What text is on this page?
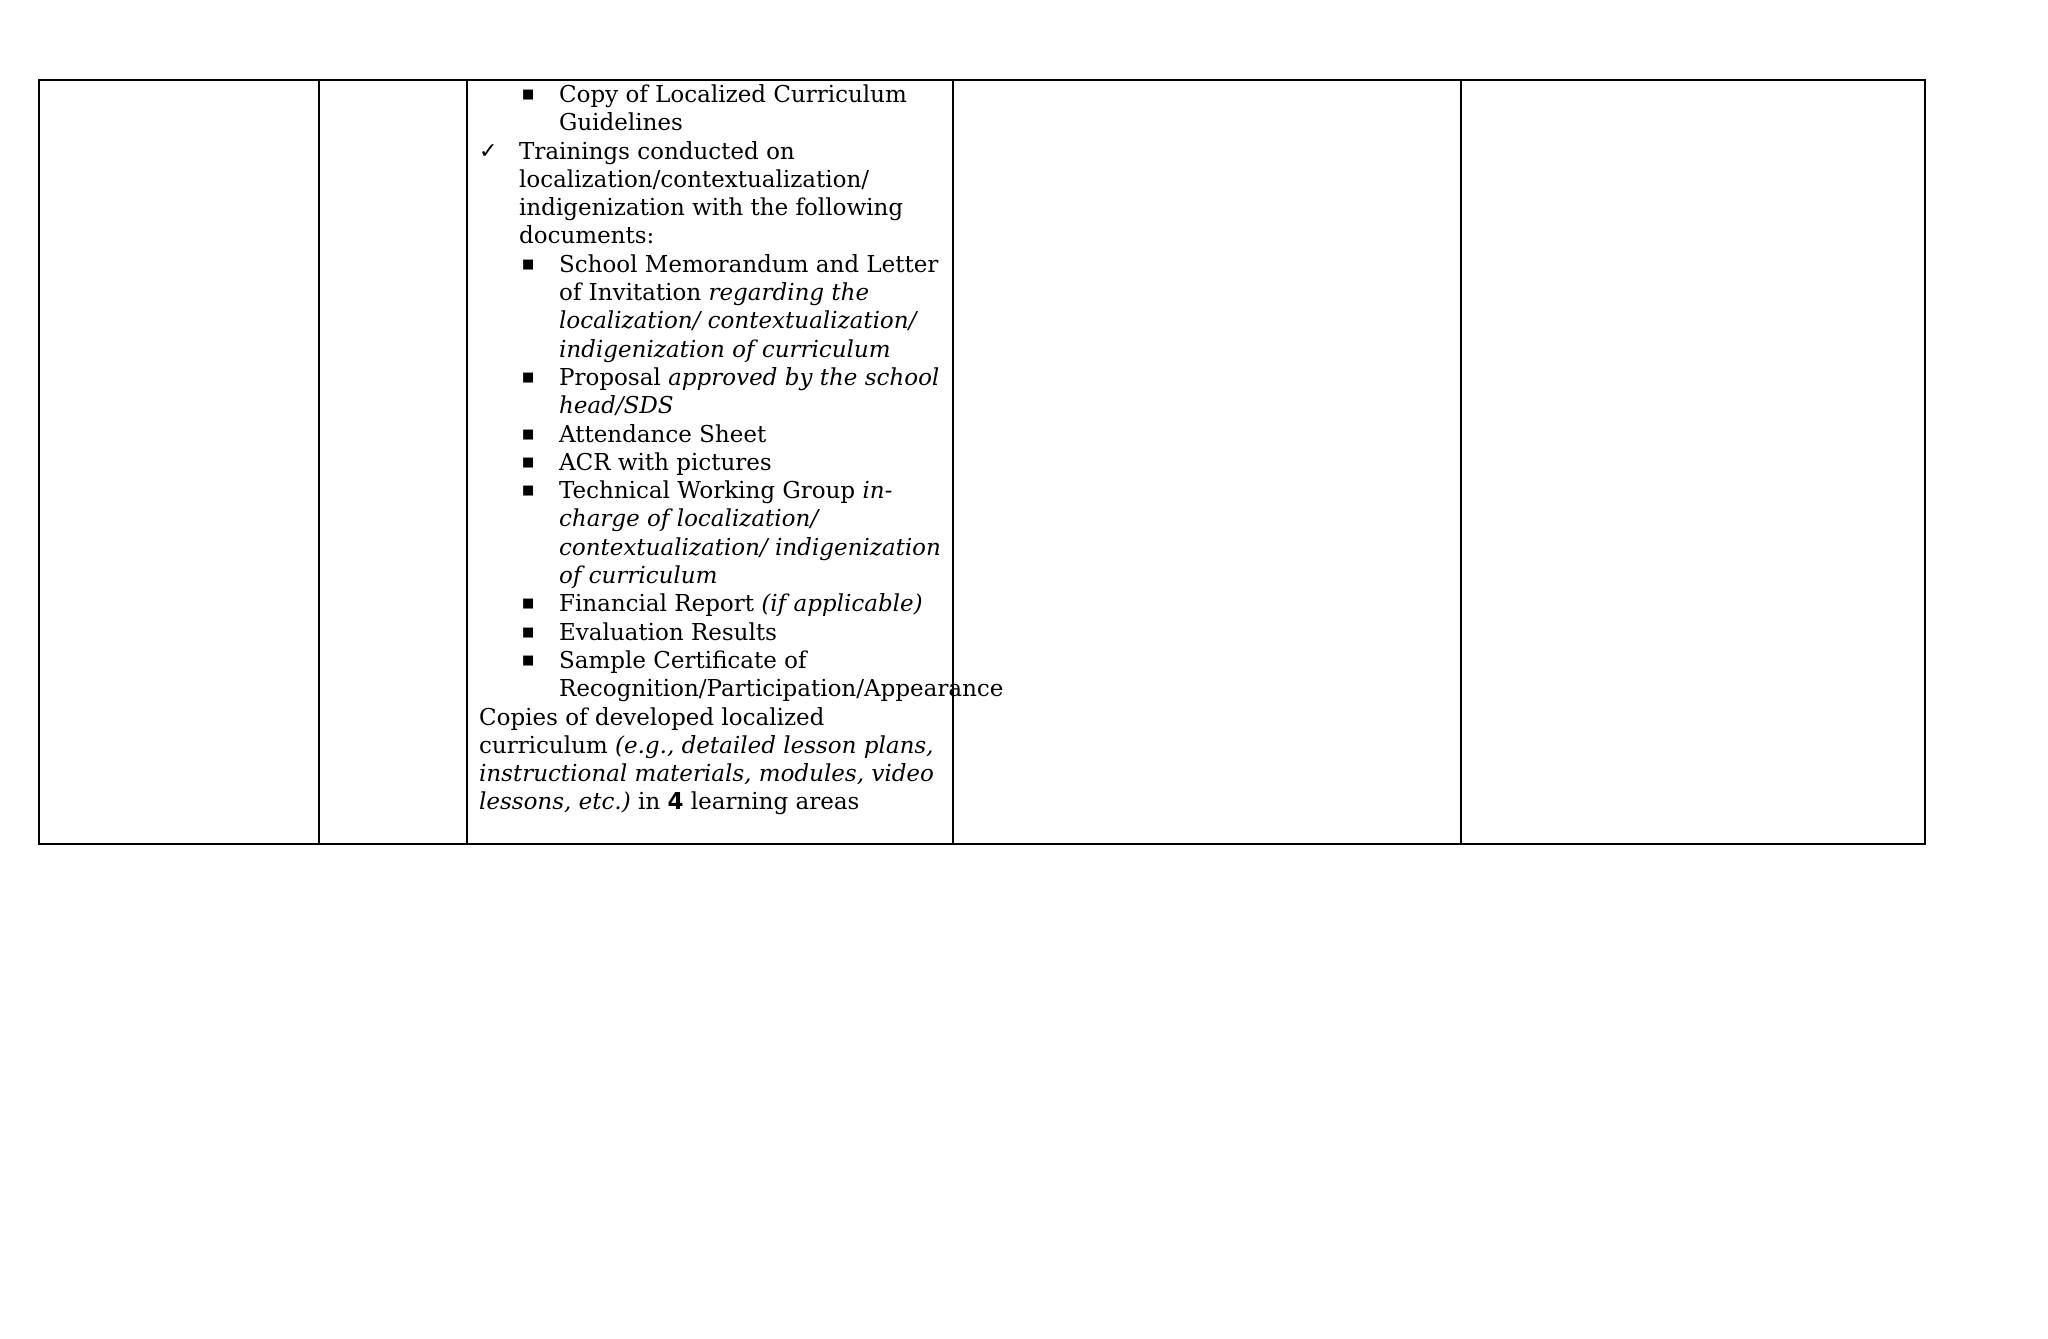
■ Copy of Localized Curriculum Guidelines
✓ Trainings conducted on localization/contextualization/ indigenization with the following documents:
■ School Memorandum and Letter of Invitation regarding the localization/ contextualization/ indigenization of curriculum
■ Proposal approved by the school head/SDS
■ Attendance Sheet
■ ACR with pictures
■ Technical Working Group in-charge of localization/ contextualization/ indigenization of curriculum
■ Financial Report (if applicable)
■ Evaluation Results
■ Sample Certificate of Recognition/Participation/Appearance
Copies of developed localized curriculum (e.g., detailed lesson plans, instructional materials, modules, video lessons, etc.) in 4 learning areas
